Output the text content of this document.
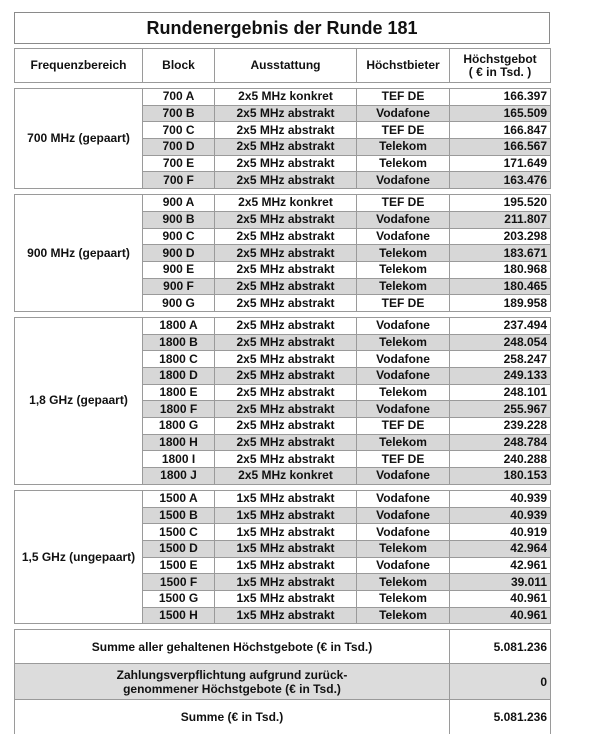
Rundenergebnis der Runde 181
Frequenzbereich	Block	Ausstattung	Höchstbieter	Höchstgebot
( € in Tsd. )
700 MHz (gepaart)	700 A	2x5 MHz konkret	TEF DE	166.397
	700 B	2x5 MHz abstrakt	Vodafone	165.509
	700 C	2x5 MHz abstrakt	TEF DE	166.847
	700 D	2x5 MHz abstrakt	Telekom	166.567
	700 E	2x5 MHz abstrakt	Telekom	171.649
	700 F	2x5 MHz abstrakt	Vodafone	163.476
900 MHz (gepaart)	900 A	2x5 MHz konkret	TEF DE	195.520
	900 B	2x5 MHz abstrakt	Vodafone	211.807
	900 C	2x5 MHz abstrakt	Vodafone	203.298
	900 D	2x5 MHz abstrakt	Telekom	183.671
	900 E	2x5 MHz abstrakt	Telekom	180.968
	900 F	2x5 MHz abstrakt	Telekom	180.465
	900 G	2x5 MHz abstrakt	TEF DE	189.958
1,8 GHz (gepaart)	1800 A	2x5 MHz abstrakt	Vodafone	237.494
	1800 B	2x5 MHz abstrakt	Telekom	248.054
	1800 C	2x5 MHz abstrakt	Vodafone	258.247
	1800 D	2x5 MHz abstrakt	Vodafone	249.133
	1800 E	2x5 MHz abstrakt	Telekom	248.101
	1800 F	2x5 MHz abstrakt	Vodafone	255.967
	1800 G	2x5 MHz abstrakt	TEF DE	239.228
	1800 H	2x5 MHz abstrakt	Telekom	248.784
	1800 I	2x5 MHz abstrakt	TEF DE	240.288
	1800 J	2x5 MHz konkret	Vodafone	180.153
1,5 GHz (ungepaart)	1500 A	1x5 MHz abstrakt	Vodafone	40.939
	1500 B	1x5 MHz abstrakt	Vodafone	40.939
	1500 C	1x5 MHz abstrakt	Vodafone	40.919
	1500 D	1x5 MHz abstrakt	Telekom	42.964
	1500 E	1x5 MHz abstrakt	Vodafone	42.961
	1500 F	1x5 MHz abstrakt	Telekom	39.011
	1500 G	1x5 MHz abstrakt	Telekom	40.961
	1500 H	1x5 MHz abstrakt	Telekom	40.961
Summe aller gehaltenen Höchstgebote (€ in Tsd.)	5.081.236
Zahlungsverpflichtung aufgrund zurück-
genommener Höchstgebote (€ in Tsd.)	0
Summe (€ in Tsd.)	5.081.236
